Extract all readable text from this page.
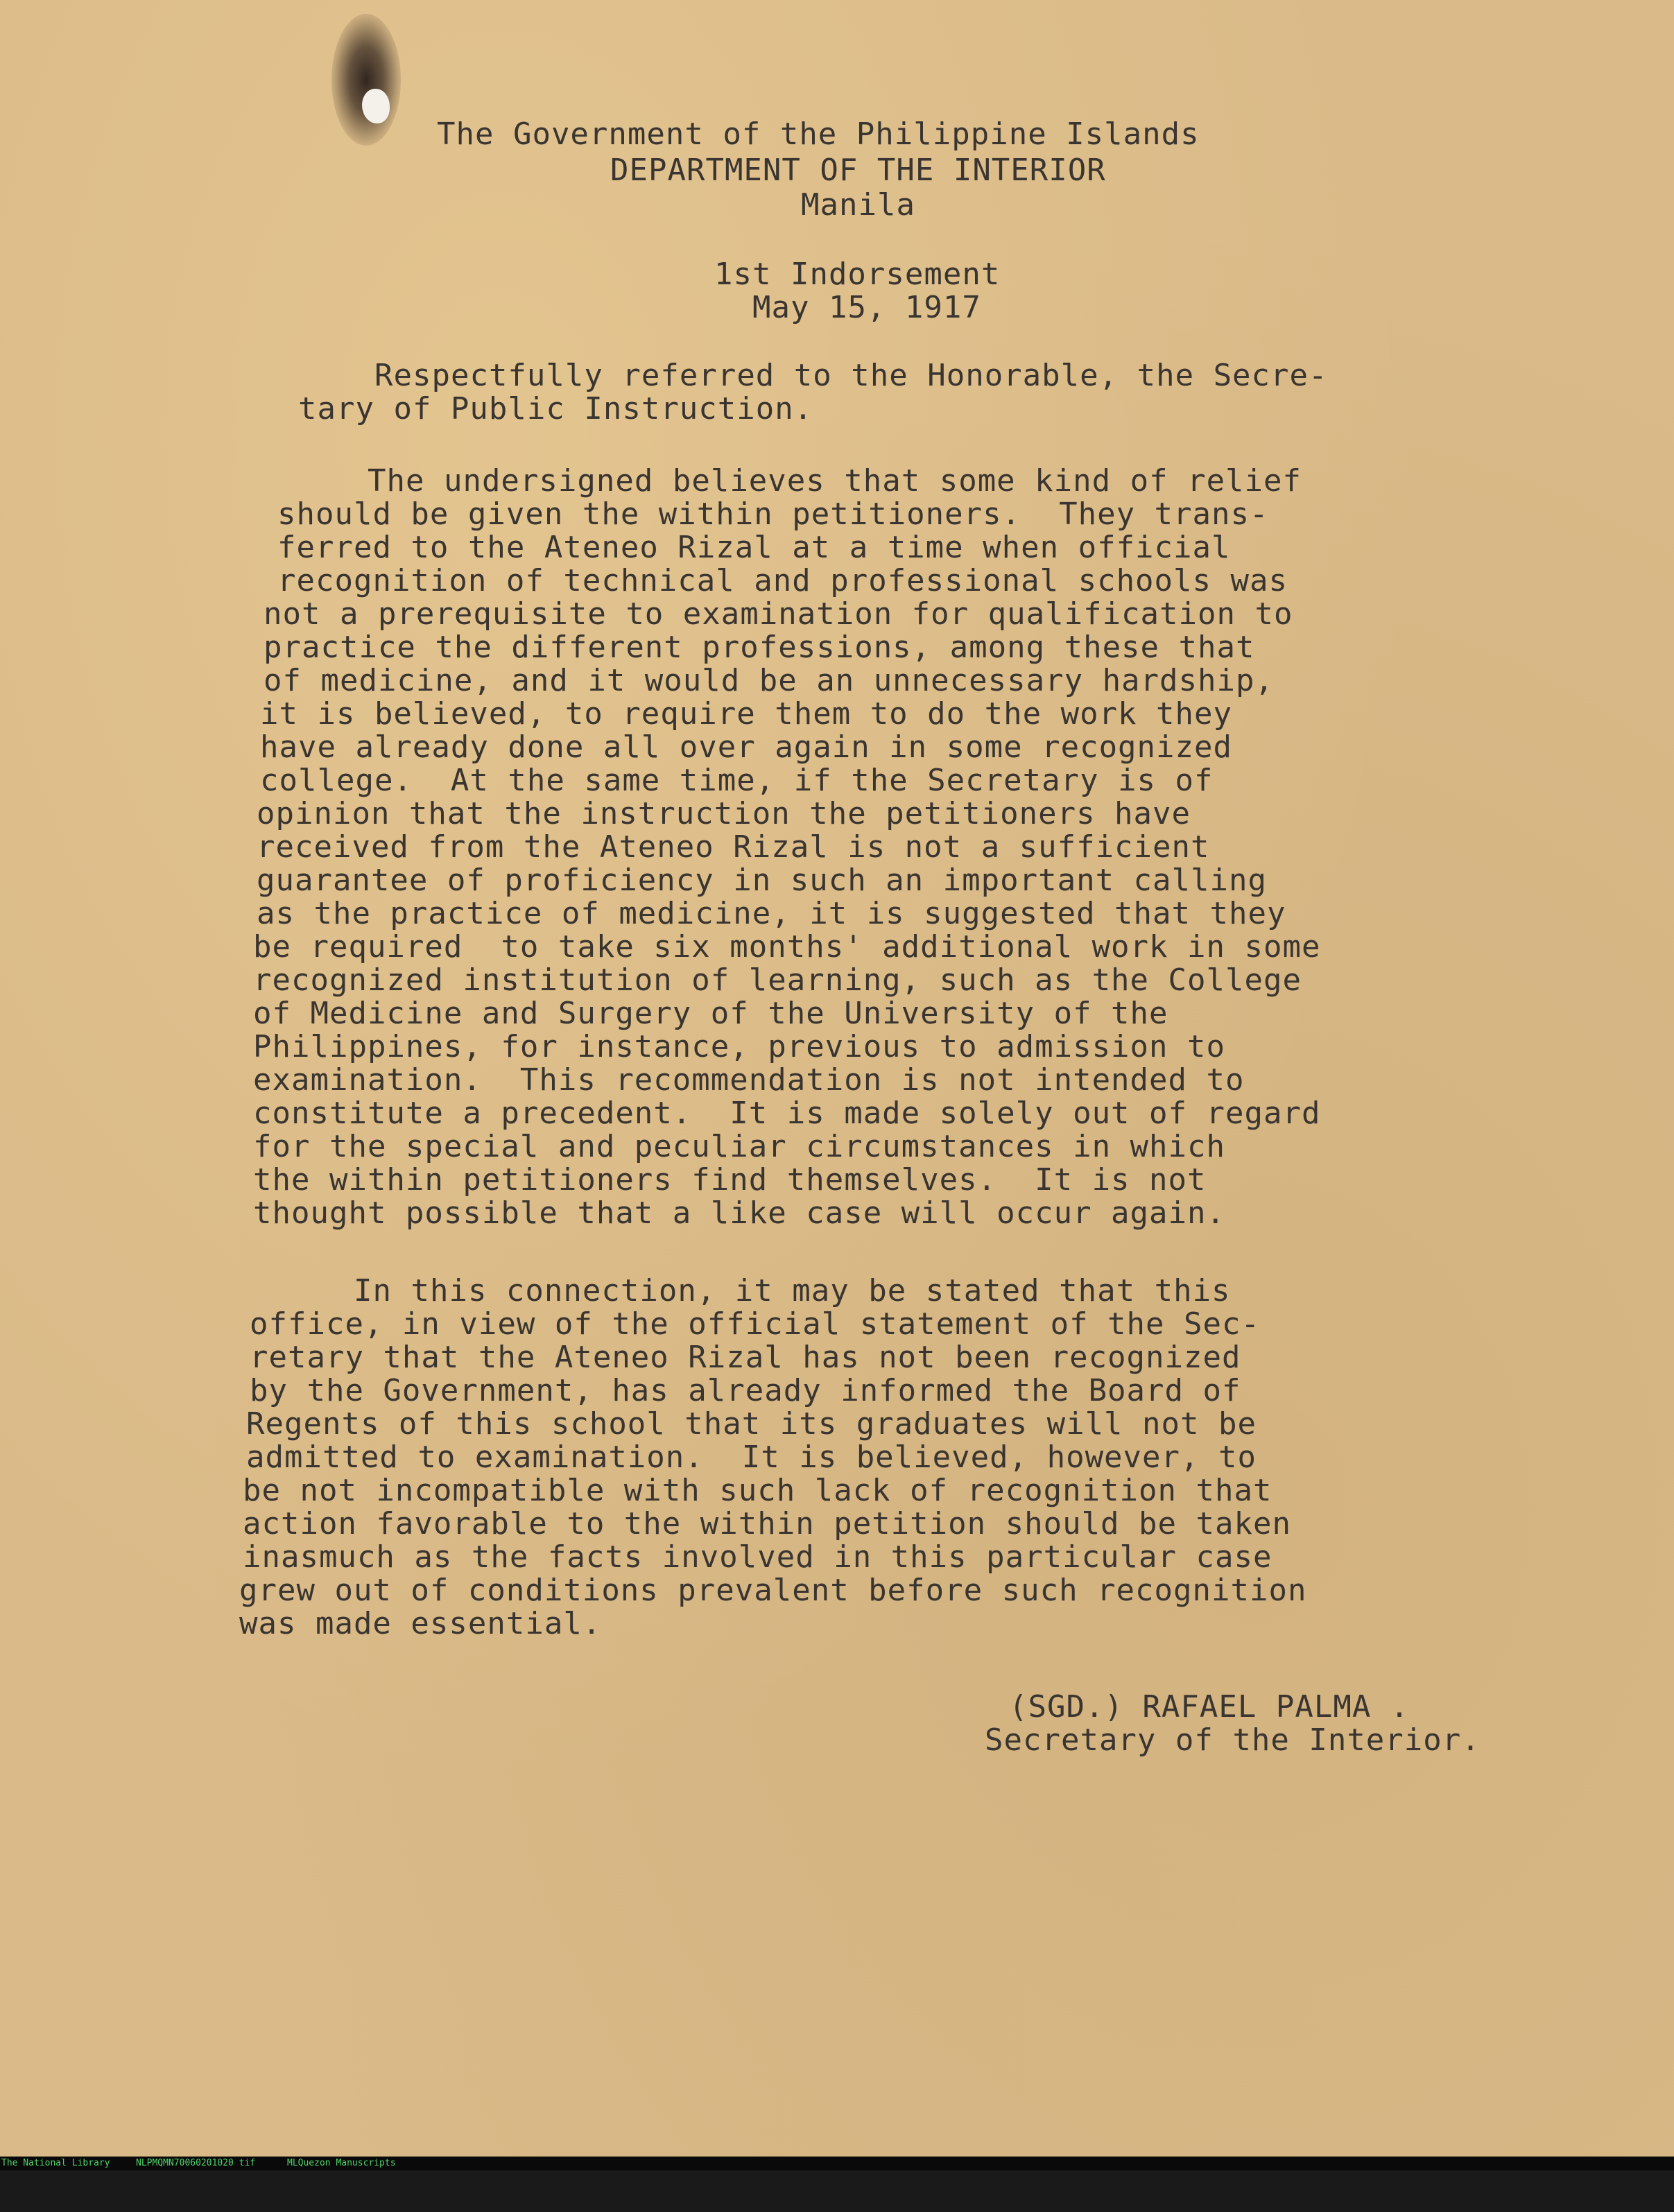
The Government of the Philippine Islands
DEPARTMENT OF THE INTERIOR
Manila
1st Indorsement
May 15, 1917
Respectfully referred to the Honorable, the Secre-
tary of Public Instruction.
The undersigned believes that some kind of relief
should be given the within petitioners.  They trans-
ferred to the Ateneo Rizal at a time when official
recognition of technical and professional schools was
not a prerequisite to examination for qualification to
practice the different professions, among these that
of medicine, and it would be an unnecessary hardship,
it is believed, to require them to do the work they
have already done all over again in some recognized
college.  At the same time, if the Secretary is of
opinion that the instruction the petitioners have
received from the Ateneo Rizal is not a sufficient
guarantee of proficiency in such an important calling
as the practice of medicine, it is suggested that they
be required  to take six months' additional work in some
recognized institution of learning, such as the College
of Medicine and Surgery of the University of the
Philippines, for instance, previous to admission to
examination.  This recommendation is not intended to
constitute a precedent.  It is made solely out of regard
for the special and peculiar circumstances in which
the within petitioners find themselves.  It is not
thought possible that a like case will occur again.
In this connection, it may be stated that this
office, in view of the official statement of the Sec-
retary that the Ateneo Rizal has not been recognized
by the Government, has already informed the Board of
Regents of this school that its graduates will not be
admitted to examination.  It is believed, however, to
be not incompatible with such lack of recognition that
action favorable to the within petition should be taken
inasmuch as the facts involved in this particular case
grew out of conditions prevalent before such recognition
was made essential.
(SGD.) RAFAEL PALMA .
Secretary of the Interior.

The National Library

	NLPMQMN70060201020 tif

	MLQuezon Manuscripts
